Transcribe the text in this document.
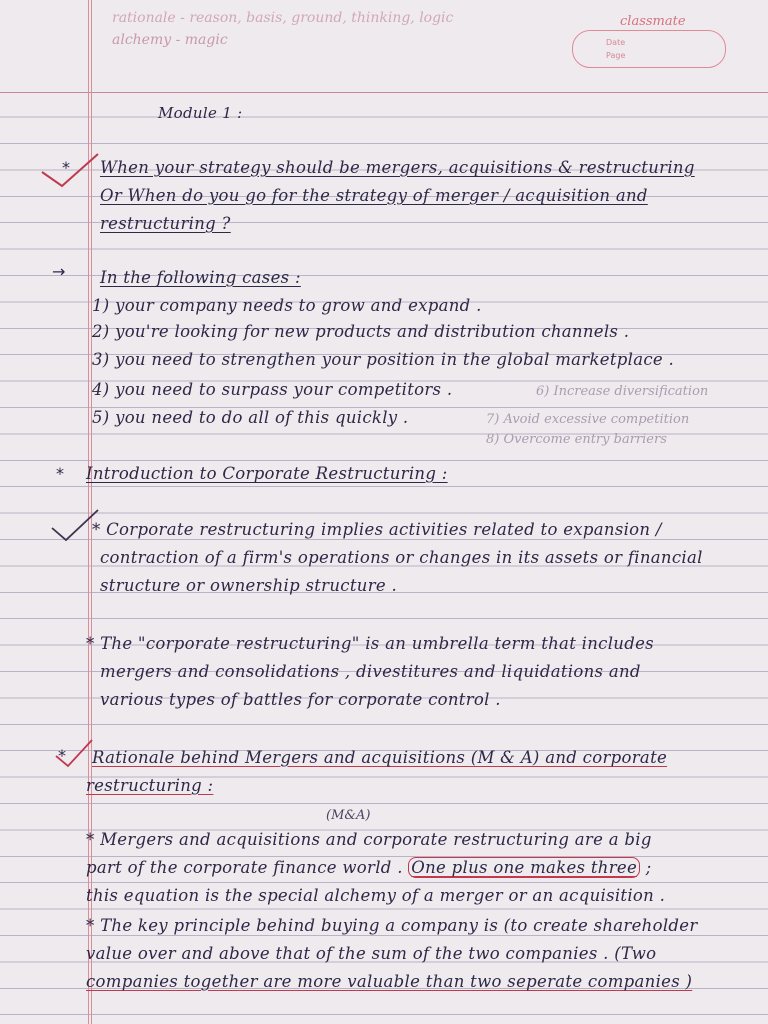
rationale - reason, basis, ground, thinking, logic
alchemy - magic
classmate
Date
Page
Module 1 :
* When your strategy should be mergers, acquisitions & restructuring
Or When do you go for the strategy of merger / acquisition and
restructuring ?
→ In the following cases :
1) your company needs to grow and expand .
2) you're looking for new products and distribution channels .
3) you need to strengthen your position in the global marketplace .
4) you need to surpass your competitors .
5) you need to do all of this quickly .
6) Increase diversification
7) Avoid excessive competition
8) Overcome entry barriers
* Introduction to Corporate Restructuring :
* Corporate restructuring implies activities related to expansion /
contraction of a firm's operations or changes in its assets or financial
structure or ownership structure .
* The "corporate restructuring" is an umbrella term that includes
mergers and consolidations , divestitures and liquidations and
various types of battles for corporate control .
* Rationale behind Mergers and acquisitions (M & A) and corporate
restructuring :
(M&A)
* Mergers and acquisitions and corporate restructuring are a big
part of the corporate finance world . One plus one makes three ;
this equation is the special alchemy of a merger or an acquisition .
* The key principle behind buying a company is (to create shareholder
value over and above that of the sum of the two companies . (Two
companies together are more valuable than two seperate companies )
